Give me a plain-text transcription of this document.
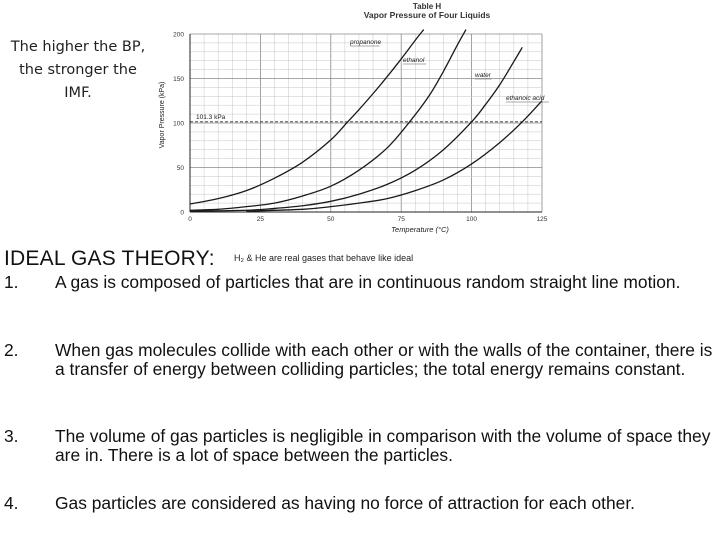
The higher the BP, the stronger the IMF.
Table H
Vapor Pressure of Four Liquids
101.3 kPa
0	25	50	75	100	125
0
50
100
150
200
propanone
ethanol
water
ethanoic acid
Temperature (°C)
Vapor Pressure (kPa)
IDEAL GAS THEORY: H₂ & He are real gases that behave like ideal
1. A gas is composed of particles that are in continuous random straight line motion.
2. When gas molecules collide with each other or with the walls of the container, there is a transfer of energy between colliding particles; the total energy remains constant.
3. The volume of gas particles is negligible in comparison with the volume of space they are in. There is a lot of space between the particles.
4. Gas particles are considered as having no force of attraction for each other.
